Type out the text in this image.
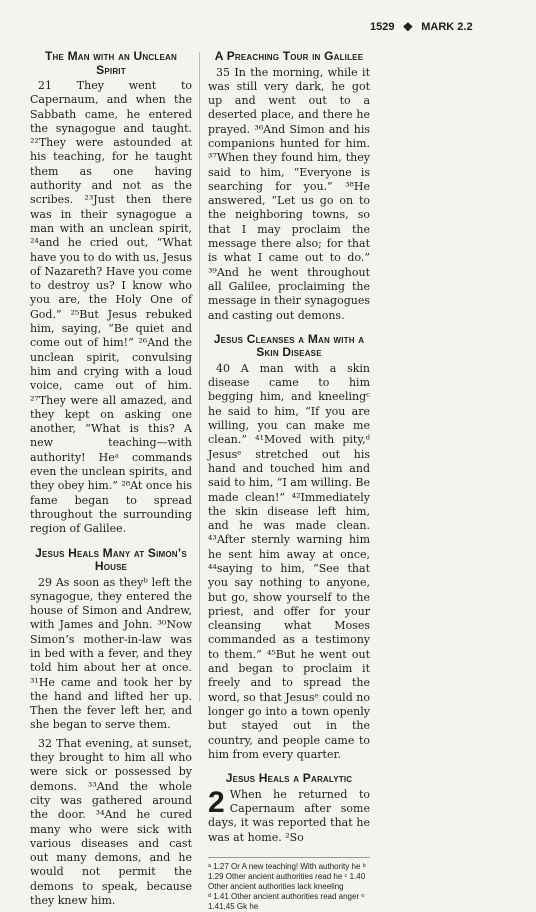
1529 ❖ MARK 2.2
The Man with an Unclean Spirit

21 They went to Capernaum, and when the Sabbath came, he entered the synagogue and taught. ²²They were astounded at his teaching, for he taught them as one having authority and not as the scribes. ²³Just then there was in their synagogue a man with an unclean spirit, ²⁴and he cried out, “What have you to do with us, Jesus of Nazareth? Have you come to destroy us? I know who you are, the Holy One of God.” ²⁵But Jesus rebuked him, saying, “Be quiet and come out of him!” ²⁶And the unclean spirit, convulsing him and crying with a loud voice, came out of him. ²⁷They were all amazed, and they kept on asking one another, “What is this? A new teaching—with authority! Heᵃ commands even the unclean spirits, and they obey him.” ²⁸At once his fame began to spread throughout the surrounding region of Galilee.

Jesus Heals Many at Simon’s House

29 As soon as theyᵇ left the synagogue, they entered the house of Simon and Andrew, with James and John. ³⁰Now Simon’s mother-in-law was in bed with a fever, and they told him about her at once. ³¹He came and took her by the hand and lifted her up. Then the fever left her, and she began to serve them.

32 That evening, at sunset, they brought to him all who were sick or possessed by demons. ³³And the whole city was gathered around the door. ³⁴And he cured many who were sick with various diseases and cast out many demons, and he would not permit the demons to speak, because they knew him.

A Preaching Tour in Galilee

35 In the morning, while it was still very dark, he got up and went out to a deserted place, and there he prayed. ³⁶And Simon and his companions hunted for him. ³⁷When they found him, they said to him, “Everyone is searching for you.” ³⁸He answered, “Let us go on to the neighboring towns, so that I may proclaim the message there also; for that is what I came out to do.” ³⁹And he went throughout all Galilee, proclaiming the message in their synagogues and casting out demons.

Jesus Cleanses a Man with a Skin Disease

40 A man with a skin disease came to him begging him, and kneelingᶜ he said to him, “If you are willing, you can make me clean.” ⁴¹Moved with pity,ᵈ Jesusᵉ stretched out his hand and touched him and said to him, “I am willing. Be made clean!” ⁴²Immediately the skin disease left him, and he was made clean. ⁴³After sternly warning him he sent him away at once, ⁴⁴saying to him, “See that you say nothing to anyone, but go, show yourself to the priest, and offer for your cleansing what Moses commanded as a testimony to them.” ⁴⁵But he went out and began to proclaim it freely and to spread the word, so that Jesusᵉ could no longer go into a town openly but stayed out in the country, and people came to him from every quarter.

Jesus Heals a Paralytic
2 When he returned to Capernaum after some days, it was reported that he was at home. ²So

ᵃ 1.27 Or A new teaching! With authority he ᵇ 1.29 Other ancient authorities read he ᶜ 1.40 Other ancient authorities lack kneeling
ᵈ 1.41 Other ancient authorities read anger ᵉ 1.41,45 Gk he
